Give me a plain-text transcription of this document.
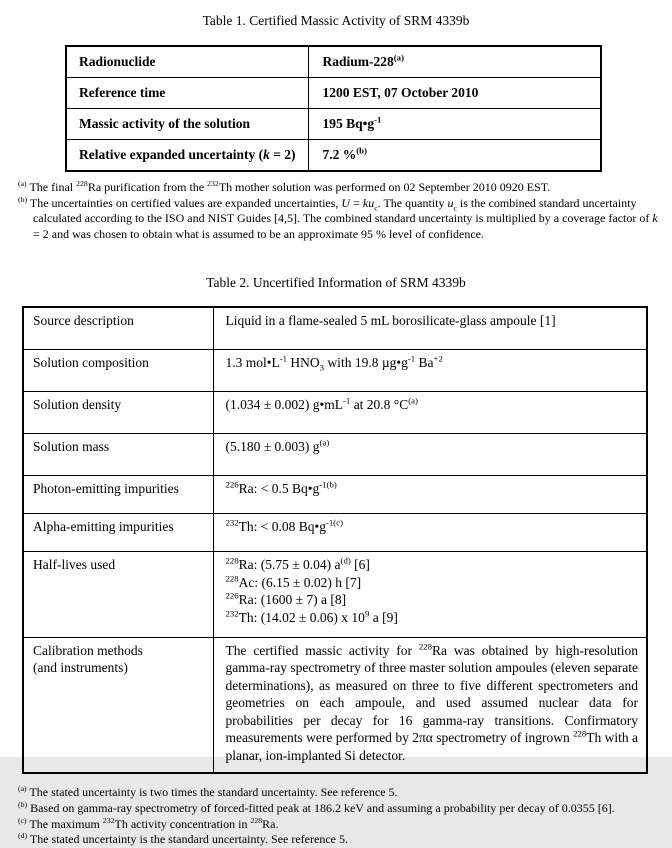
Table 1. Certified Massic Activity of SRM 4339b
Radionuclide	Radium-228$^{(a)}$
Reference time	1200 EST, 07 October 2010
Massic activity of the solution	195 $Bq•g^{-1}$
Relative expanded uncertainty (k = 2)	7.2 %$^{(b)}$
$^{(a)}$ The final $^{228}$Ra purification from the $^{232}$Th mother solution was performed on 02 September 2010 0920 EST.
$^{(b)}$ The uncertainties on certified values are expanded uncertainties, $U = ku_c$. The quantity $u_c$ is the combined standard uncertainty calculated according to the ISO and NIST Guides [4,5]. The combined standard uncertainty is multiplied by a coverage factor of k = 2 and was chosen to obtain what is assumed to be an approximate 95 % level of confidence.
Table 2. Uncertified Information of SRM 4339b
Source description	Liquid in a flame-sealed 5 mL borosilicate-glass ampoule [1]
Solution composition	1.3 $mol•L^{-1}$ $HNO_3$ with 19.8 $\mu g•g^{-1}$ $Ba^{+2}$
Solution density	(1.034 ± 0.002) $g•mL^{-1}$ at 20.8 $^\circ C^{(a)}$
Solution mass	(5.180 ± 0.003) $g^{(a)}$
Photon-emitting impurities	$^{226}$Ra: < 0.5 $Bq•g^{-1(b)}$
Alpha-emitting impurities	$^{232}$Th: < 0.08 $Bq•g^{-1(c)}$
Half-lives used	$^{228}$Ra: (5.75 ± 0.04) $a^{(d)}$ [6]
$^{228}$Ac: (6.15 ± 0.02) h [7]
$^{226}$Ra: (1600 ± 7) a [8]
$^{232}$Th: (14.02 ± 0.06) x $10^9$ a [9]
Calibration methods
(and instruments)	The certified massic activity for $^{228}$Ra was obtained by high-resolution gamma-ray spectrometry of three master solution ampoules (eleven separate determinations), as measured on three to five different spectrometers and geometries on each ampoule, and used assumed nuclear data for probabilities per decay for 16 gamma-ray transitions. Confirmatory measurements were performed by 2πα spectrometry of ingrown $^{228}$Th with a planar, ion-implanted Si detector.
$^{(a)}$ The stated uncertainty is two times the standard uncertainty. See reference 5.
$^{(b)}$ Based on gamma-ray spectrometry of forced-fitted peak at 186.2 keV and assuming a probability per decay of 0.0355 [6].
$^{(c)}$ The maximum $^{232}$Th activity concentration in $^{228}$Ra.
$^{(d)}$ The stated uncertainty is the standard uncertainty. See reference 5.
